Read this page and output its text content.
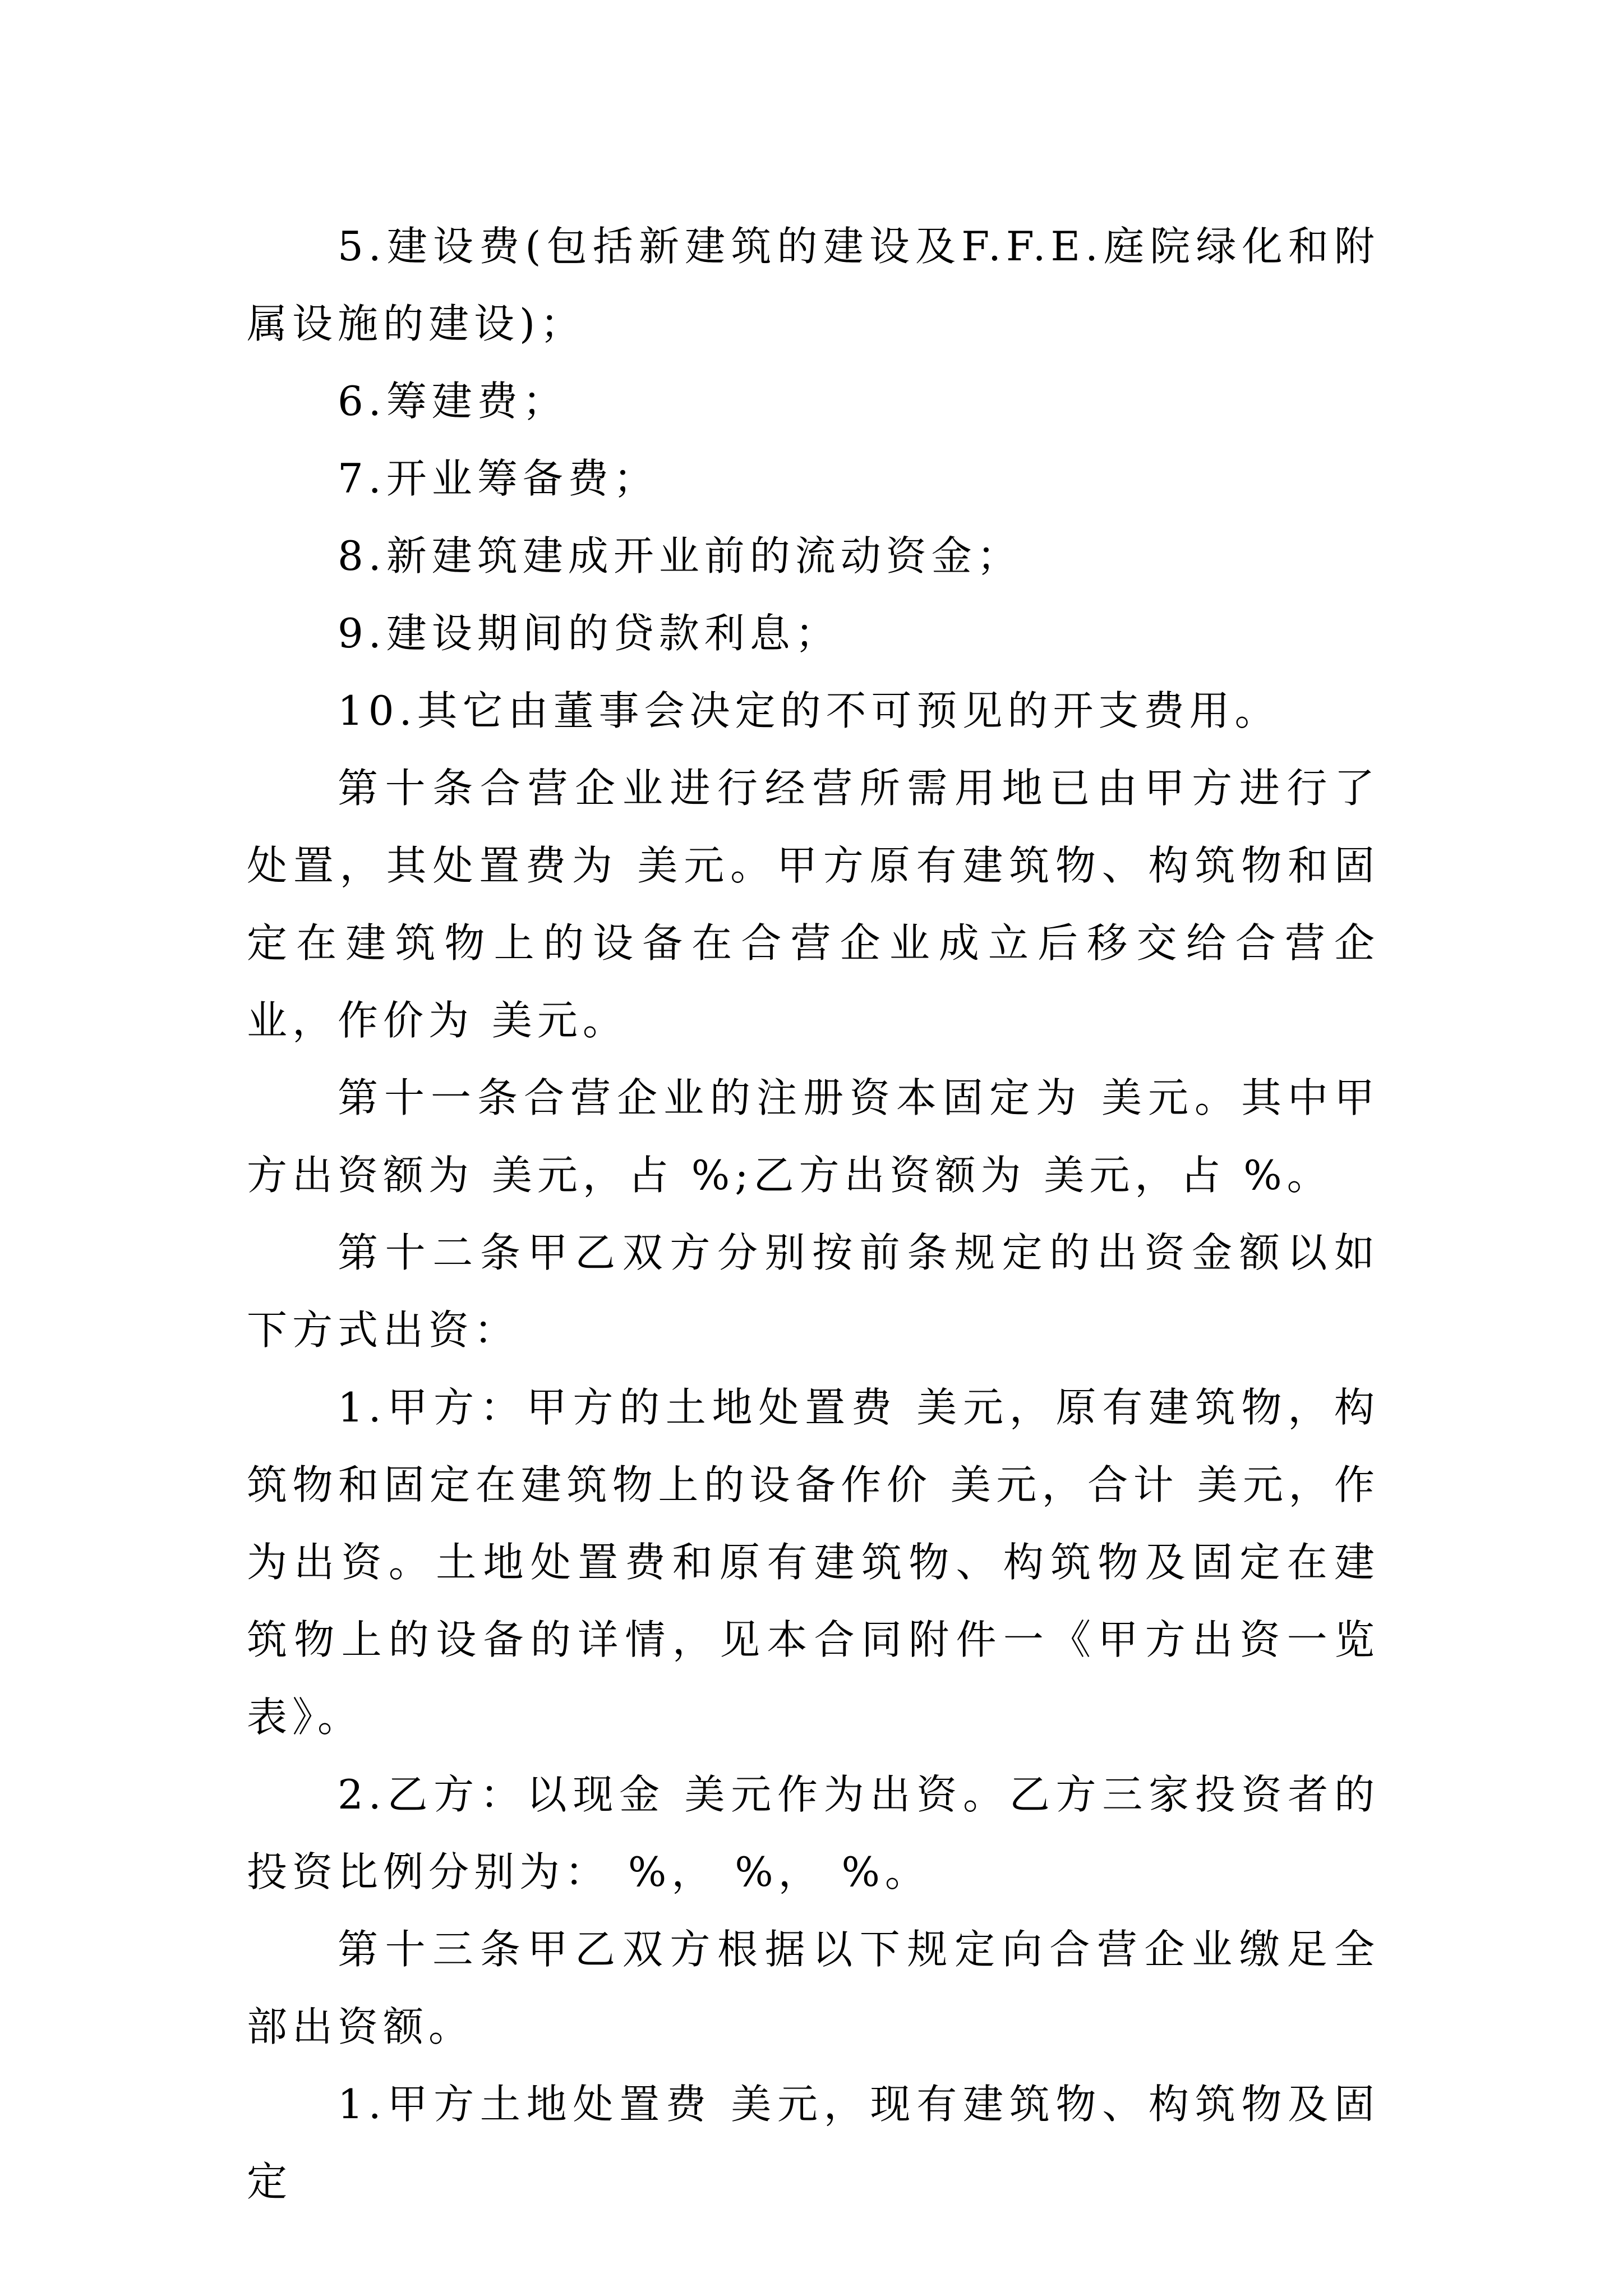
5.建设费(包括新建筑的建设及F.F.E.庭院绿化和附属设施的建设)；

6.筹建费；

7.开业筹备费；

8.新建筑建成开业前的流动资金；

9.建设期间的贷款利息；

10.其它由董事会决定的不可预见的开支费用。

第十条合营企业进行经营所需用地已由甲方进行了处置，其处置费为 美元。甲方原有建筑物、构筑物和固定在建筑物上的设备在合营企业成立后移交给合营企业，作价为 美元。

第十一条合营企业的注册资本固定为 美元。其中甲方出资额为 美元，占 %;乙方出资额为 美元，占 %。

第十二条甲乙双方分别按前条规定的出资金额以如下方式出资：

1.甲方：甲方的土地处置费 美元，原有建筑物，构筑物和固定在建筑物上的设备作价 美元，合计 美元，作为出资。土地处置费和原有建筑物、构筑物及固定在建筑物上的设备的详情，见本合同附件一《甲方出资一览表》。

2.乙方：以现金 美元作为出资。乙方三家投资者的投资比例分别为： %， %， %。

第十三条甲乙双方根据以下规定向合营企业缴足全部出资额。

1.甲方土地处置费 美元，现有建筑物、构筑物及固定
